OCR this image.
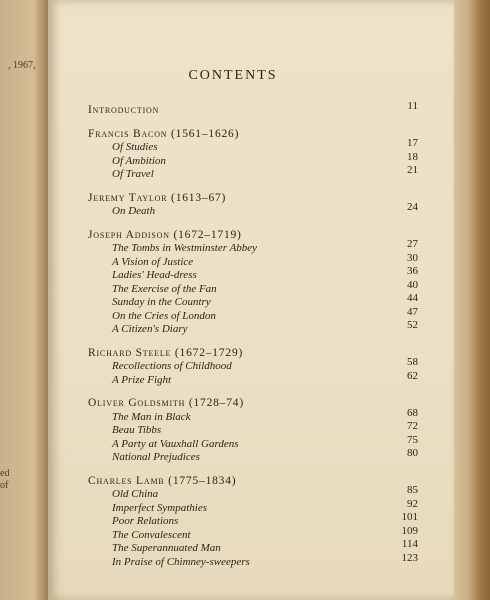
, 1967,
ed
of
CONTENTS
Introduction	11
Francis Bacon (1561–1626)
Of Studies	17
Of Ambition	18
Of Travel	21
Jeremy Taylor (1613–67)
On Death	24
Joseph Addison (1672–1719)
The Tombs in Westminster Abbey	27
A Vision of Justice	30
Ladies' Head-dress	36
The Exercise of the Fan	40
Sunday in the Country	44
On the Cries of London	47
A Citizen's Diary	52
Richard Steele (1672–1729)
Recollections of Childhood	58
A Prize Fight	62
Oliver Goldsmith (1728–74)
The Man in Black	68
Beau Tibbs	72
A Party at Vauxhall Gardens	75
National Prejudices	80
Charles Lamb (1775–1834)
Old China	85
Imperfect Sympathies	92
Poor Relations	101
The Convalescent	109
The Superannuated Man	114
In Praise of Chimney-sweepers	123
